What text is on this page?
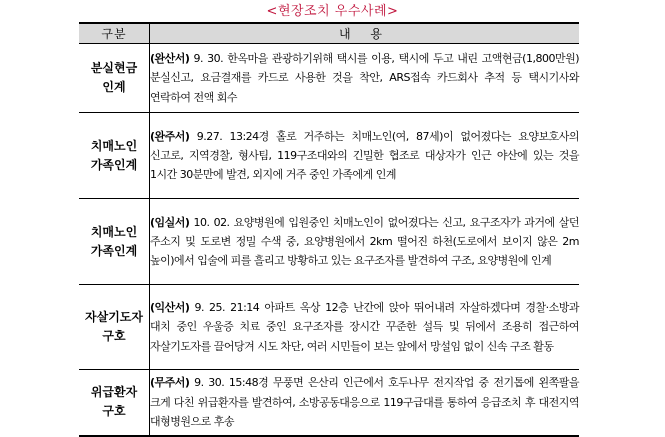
<현장조치 우수사례>
구분	내 용

분실현금
인계	(완산서) 9. 30. 한옥마을 관광하기위해 택시를 이용, 택시에 두고 내린 고액현금(1,800만원) 분실신고, 요금결재를 카드로 사용한 것을 착안, ARS접속 카드회사 추적 등 택시기사와 연락하여 전액 회수

치매노인
가족인계	(완주서) 9.27. 13:24경 홀로 거주하는 치매노인(여, 87세)이 없어졌다는 요양보호사의 신고로, 지역경찰, 형사팀, 119구조대와의 긴밀한 협조로 대상자가 인근 야산에 있는 것을 1시간 30분만에 발견, 외지에 거주 중인 가족에게 인계

치매노인
가족인계	(임실서) 10. 02. 요양병원에 입원중인 치매노인이 없어졌다는 신고, 요구조자가 과거에 살던 주소지 및 도로변 정밀 수색 중, 요양병원에서 2km 떨어진 하천(도로에서 보이지 않은 2m 높이)에서 입술에 피를 흘리고 방황하고 있는 요구조자를 발견하여 구조, 요양병원에 인계

자살기도자
구호	(익산서) 9. 25. 21:14 아파트 옥상 12층 난간에 앉아 뛰어내려 자살하겠다며 경찰·소방과 대치 중인 우울증 치료 중인 요구조자를 장시간 꾸준한 설득 및 뒤에서 조용히 접근하여 자살기도자를 끌어당겨 시도 차단, 여러 시민들이 보는 앞에서 망설임 없이 신속 구조 활동

위급환자
구호	(무주서) 9. 30. 15:48경 무풍면 은산리 인근에서 호두나무 전지작업 중 전기톱에 왼쪽팔을 크게 다친 위급환자를 발견하여, 소방공동대응으로 119구급대를 통하여 응급조치 후 대전지역 대형병원으로 후송
